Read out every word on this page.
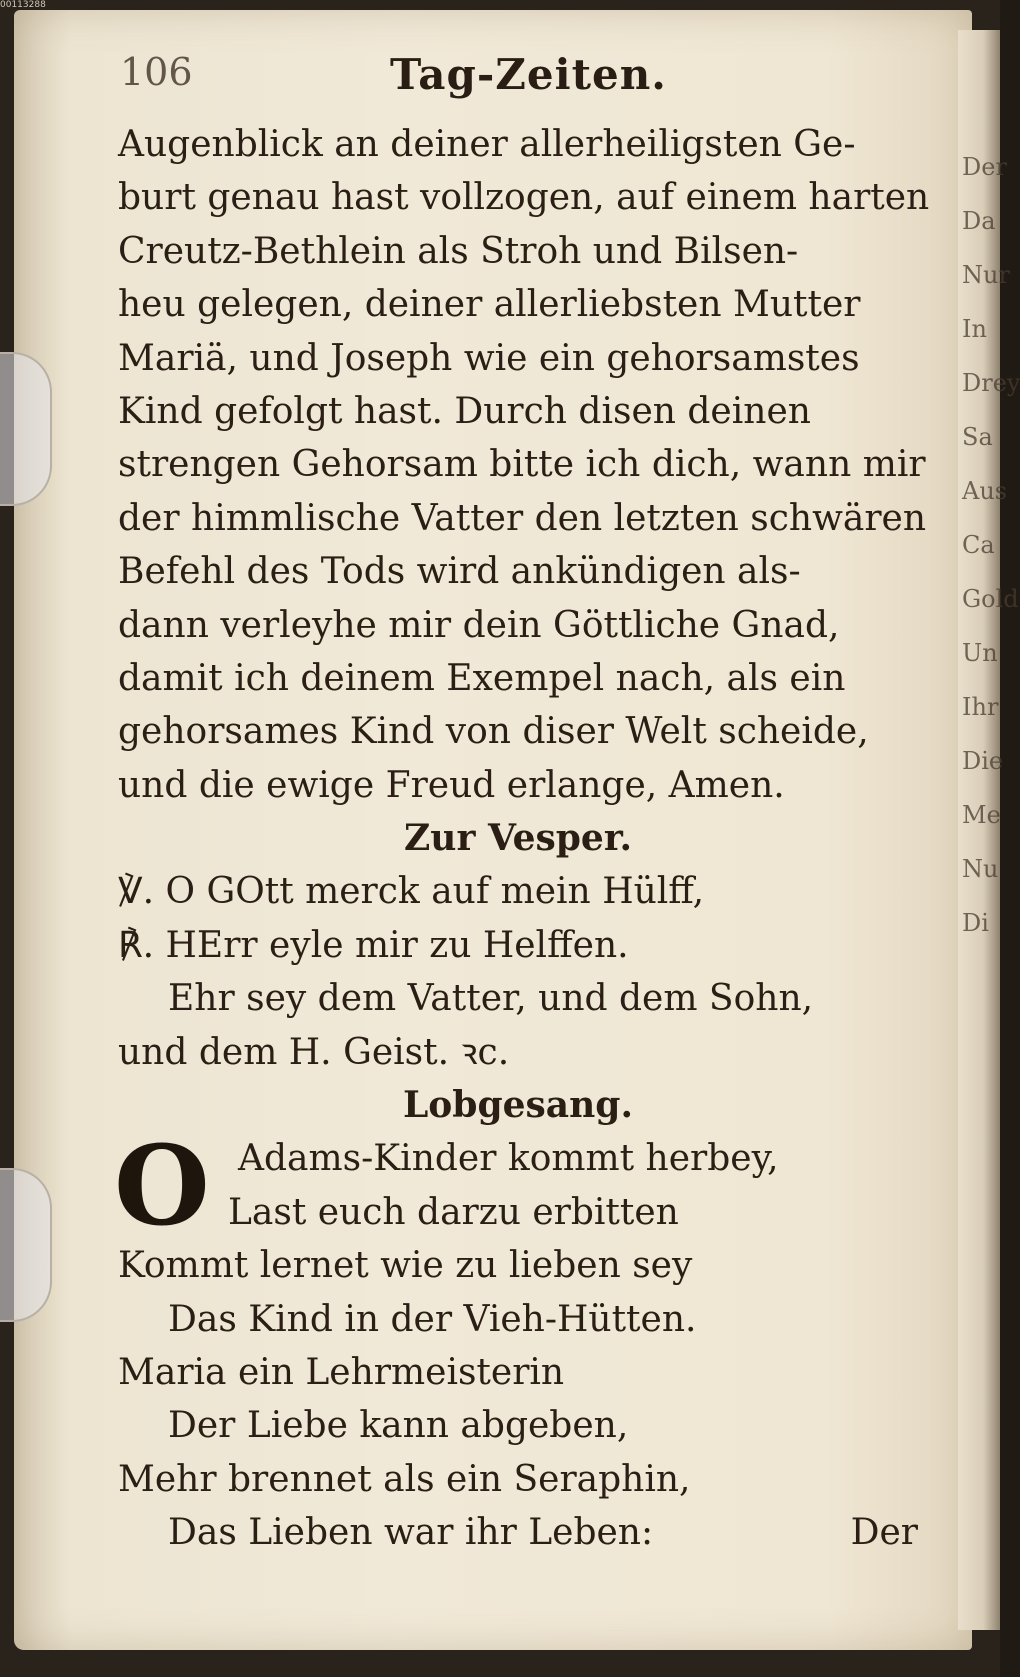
00113288
Der
Da
Nur
In
Drey
Sa
Aus
Ca
Gold
Un
Ihr
Die
Me
Nu
Di
106	Tag-Zeiten.
Augenblick an deiner allerheiligsten Ge-
burt genau hast vollzogen, auf einem harten
Creutz-Bethlein als Stroh und Bilsen-
heu gelegen, deiner allerliebsten Mutter
Mariä, und Joseph wie ein gehorsamstes
Kind gefolgt hast. Durch disen deinen
strengen Gehorsam bitte ich dich, wann mir
der himmlische Vatter den letzten schwären
Befehl des Tods wird ankündigen als-
dann verleyhe mir dein Göttliche Gnad,
damit ich deinem Exempel nach, als ein
gehorsames Kind von diser Welt scheide,
und die ewige Freud erlange, Amen.
Zur Vesper.
℣. O GOtt merck auf mein Hülff,
℟. HErr eyle mir zu Helffen.
Ehr sey dem Vatter, und dem Sohn,
und dem H. Geist. ꝛc.
Lobgesang.
O Adams-Kinder kommt herbey,
Last euch darzu erbitten
Kommt lernet wie zu lieben sey
Das Kind in der Vieh-Hütten.
Maria ein Lehrmeisterin
Der Liebe kann abgeben,
Mehr brennet als ein Seraphin,
Das Lieben war ihr Leben:	Der
